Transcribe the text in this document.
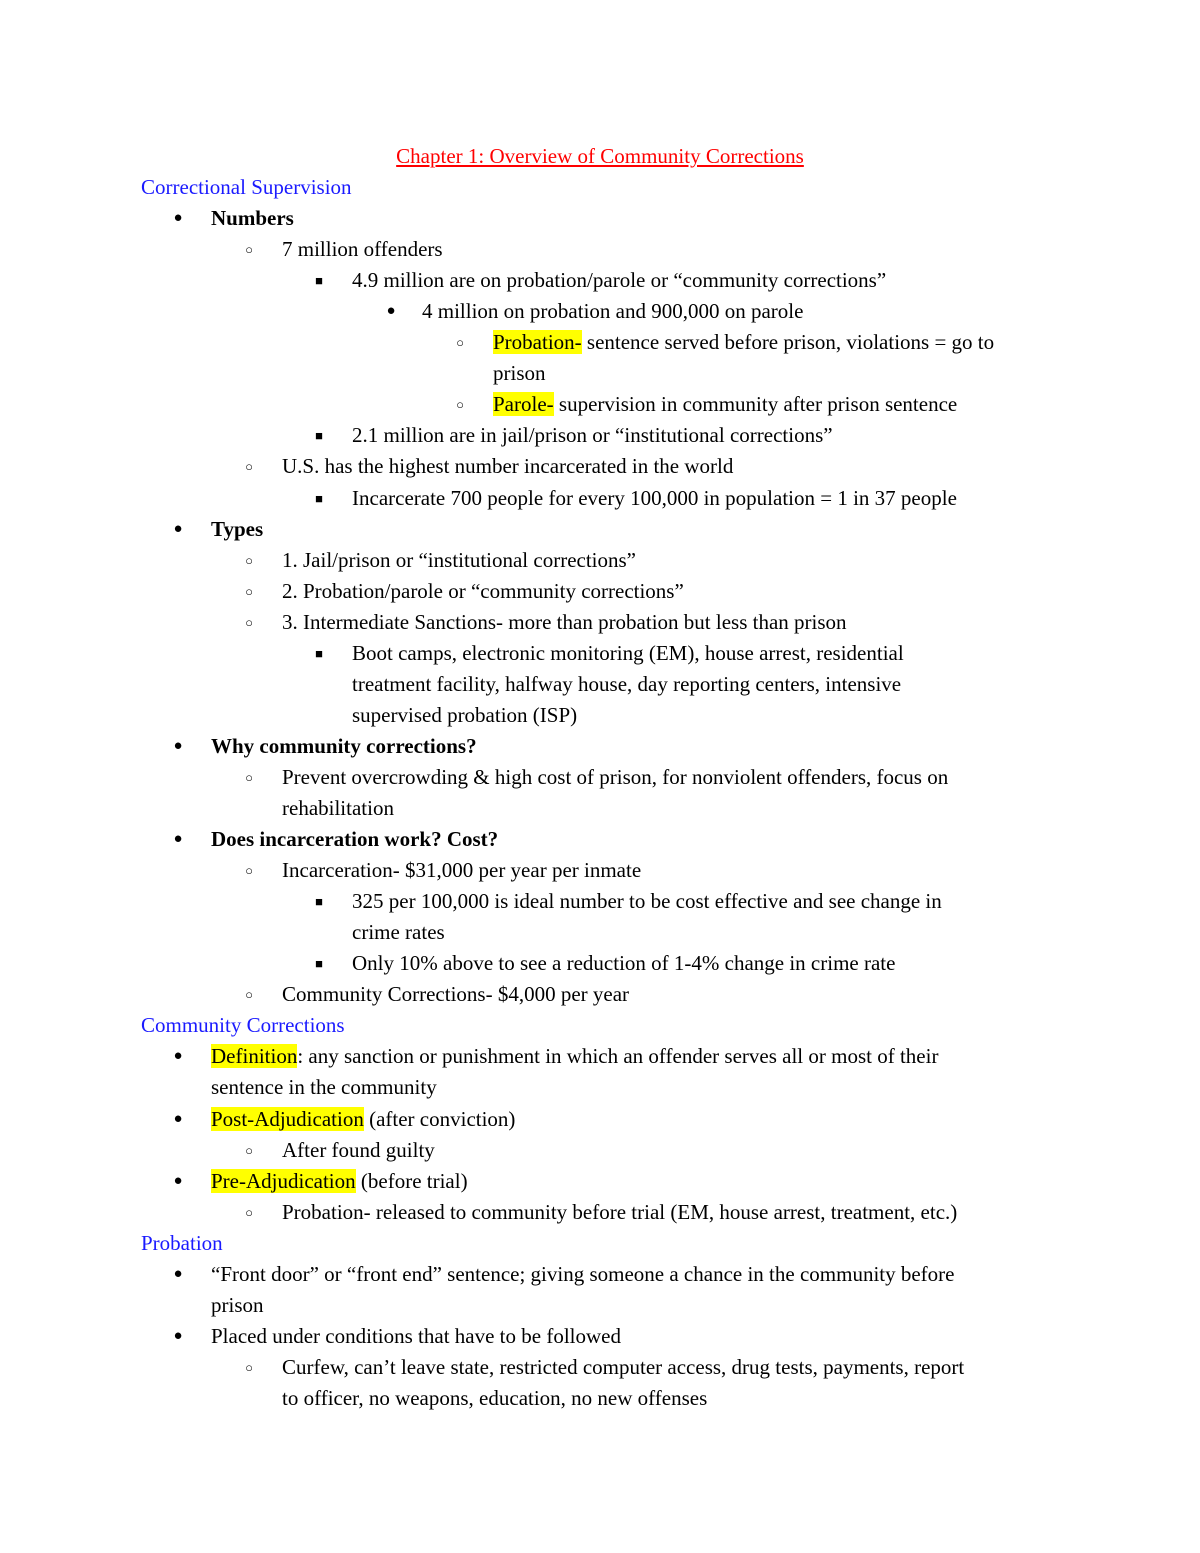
Chapter 1: Overview of Community Corrections
Correctional Supervision
● Numbers
○ 7 million offenders
■ 4.9 million are on probation/parole or “community corrections”
● 4 million on probation and 900,000 on parole
○ Probation- sentence served before prison, violations = go to
prison
○ Parole- supervision in community after prison sentence
■ 2.1 million are in jail/prison or “institutional corrections”
○ U.S. has the highest number incarcerated in the world
■ Incarcerate 700 people for every 100,000 in population = 1 in 37 people
● Types
○ 1. Jail/prison or “institutional corrections”
○ 2. Probation/parole or “community corrections”
○ 3. Intermediate Sanctions- more than probation but less than prison
■ Boot camps, electronic monitoring (EM), house arrest, residential
treatment facility, halfway house, day reporting centers, intensive
supervised probation (ISP)
● Why community corrections?
○ Prevent overcrowding & high cost of prison, for nonviolent offenders, focus on
rehabilitation
● Does incarceration work? Cost?
○ Incarceration- $31,000 per year per inmate
■ 325 per 100,000 is ideal number to be cost effective and see change in
crime rates
■ Only 10% above to see a reduction of 1-4% change in crime rate
○ Community Corrections- $4,000 per year
Community Corrections
● Definition: any sanction or punishment in which an offender serves all or most of their
sentence in the community
● Post-Adjudication (after conviction)
○ After found guilty
● Pre-Adjudication (before trial)
○ Probation- released to community before trial (EM, house arrest, treatment, etc.)
Probation
● “Front door” or “front end” sentence; giving someone a chance in the community before
prison
● Placed under conditions that have to be followed
○ Curfew, can’t leave state, restricted computer access, drug tests, payments, report
to officer, no weapons, education, no new offenses
